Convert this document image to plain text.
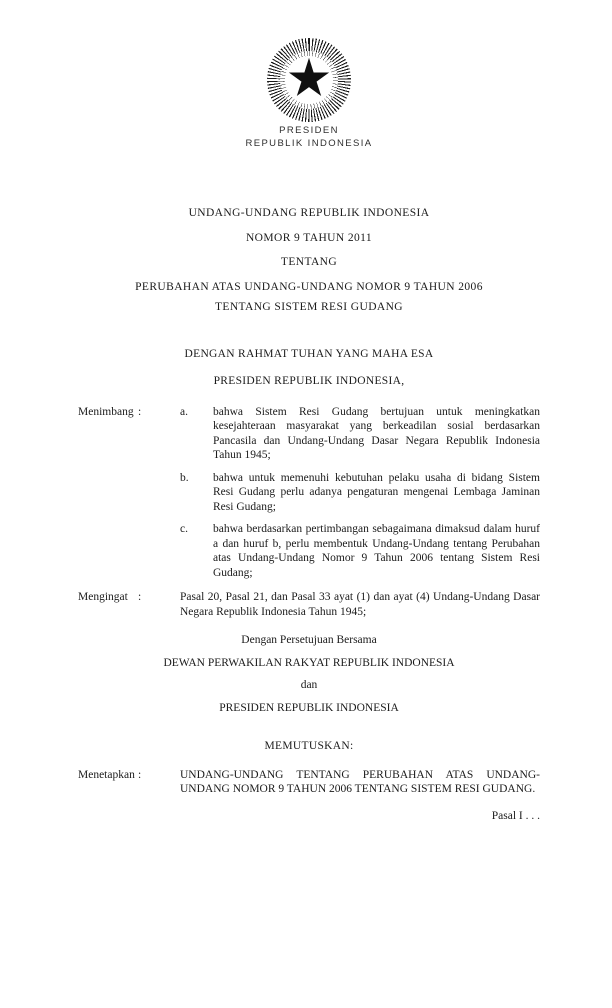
PRESIDEN
REPUBLIK INDONESIA

UNDANG-UNDANG REPUBLIK INDONESIA

NOMOR 9 TAHUN 2011

TENTANG

PERUBAHAN ATAS UNDANG-UNDANG NOMOR 9 TAHUN 2006

TENTANG SISTEM RESI GUDANG

DENGAN RAHMAT TUHAN YANG MAHA ESA

PRESIDEN REPUBLIK INDONESIA,

Menimbang :	a.	bahwa Sistem Resi Gudang bertujuan untuk meningkatkan kesejahteraan masyarakat yang berkeadilan sosial berdasarkan Pancasila dan Undang-Undang Dasar Negara Republik Indonesia Tahun 1945;
b.	bahwa untuk memenuhi kebutuhan pelaku usaha di bidang Sistem Resi Gudang perlu adanya pengaturan mengenai Lembaga Jaminan Resi Gudang;
c.	bahwa berdasarkan pertimbangan sebagaimana dimaksud dalam huruf a dan huruf b, perlu membentuk Undang-Undang tentang Perubahan atas Undang-Undang Nomor 9 Tahun 2006 tentang Sistem Resi Gudang;
Mengingat :	Pasal 20, Pasal 21, dan Pasal 33 ayat (1) dan ayat (4) Undang-Undang Dasar Negara Republik Indonesia Tahun 1945;

Dengan Persetujuan Bersama

DEWAN PERWAKILAN RAKYAT REPUBLIK INDONESIA

dan

PRESIDEN REPUBLIK INDONESIA

MEMUTUSKAN:

Menetapkan :	UNDANG-UNDANG TENTANG PERUBAHAN ATAS UNDANG-UNDANG NOMOR 9 TAHUN 2006 TENTANG SISTEM RESI GUDANG.

Pasal I . . .
